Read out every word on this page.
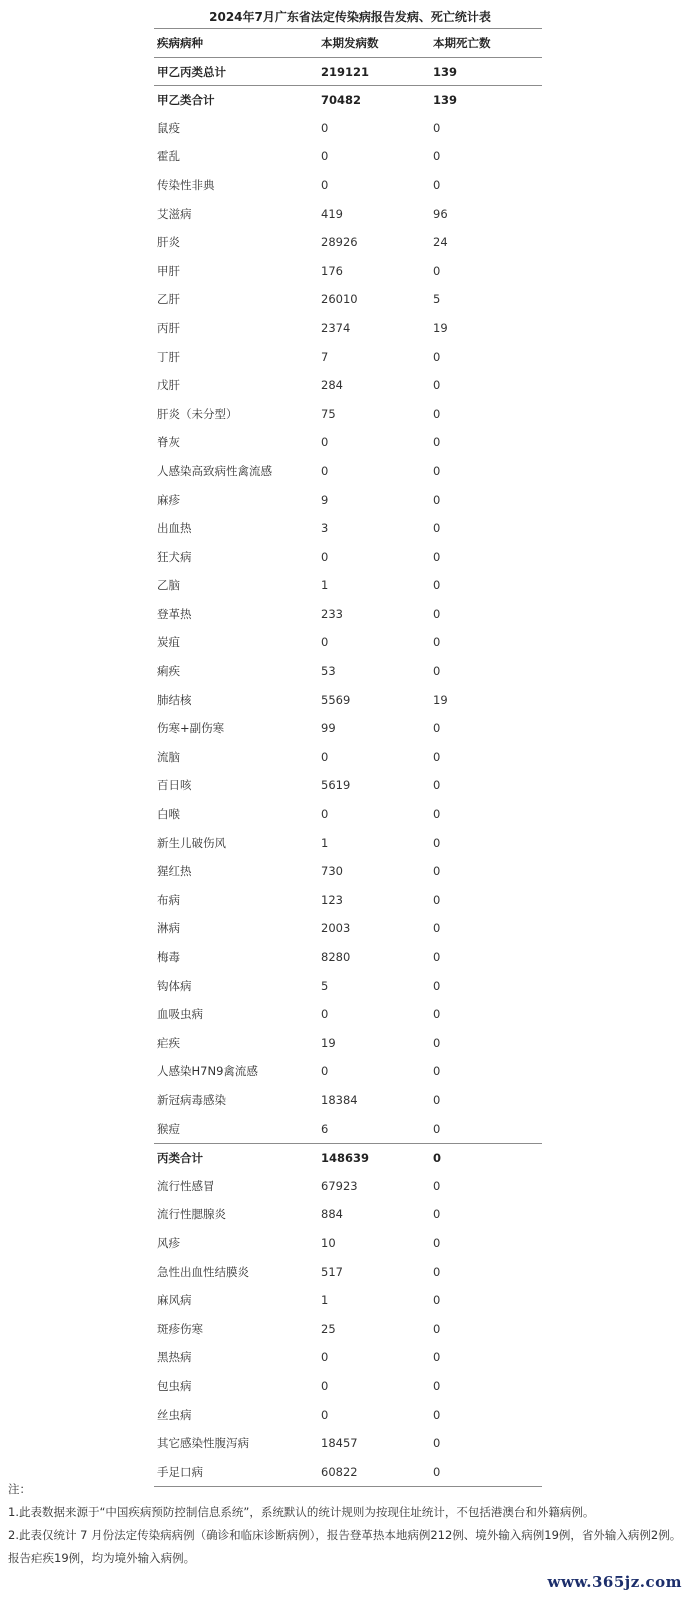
2024年7月广东省法定传染病报告发病、死亡统计表
疾病病种	本期发病数	本期死亡数
甲乙丙类总计	219121	139
甲乙类合计	70482	139
鼠疫	0	0
霍乱	0	0
传染性非典	0	0
艾滋病	419	96
肝炎	28926	24
甲肝	176	0
乙肝	26010	5
丙肝	2374	19
丁肝	7	0
戊肝	284	0
肝炎（未分型）	75	0
脊灰	0	0
人感染高致病性禽流感	0	0
麻疹	9	0
出血热	3	0
狂犬病	0	0
乙脑	1	0
登革热	233	0
炭疽	0	0
痢疾	53	0
肺结核	5569	19
伤寒+副伤寒	99	0
流脑	0	0
百日咳	5619	0
白喉	0	0
新生儿破伤风	1	0
猩红热	730	0
布病	123	0
淋病	2003	0
梅毒	8280	0
钩体病	5	0
血吸虫病	0	0
疟疾	19	0
人感染H7N9禽流感	0	0
新冠病毒感染	18384	0
猴痘	6	0
丙类合计	148639	0
流行性感冒	67923	0
流行性腮腺炎	884	0
风疹	10	0
急性出血性结膜炎	517	0
麻风病	1	0
斑疹伤寒	25	0
黑热病	0	0
包虫病	0	0
丝虫病	0	0
其它感染性腹泻病	18457	0
手足口病	60822	0
注：
1.此表数据来源于“中国疾病预防控制信息系统”，系统默认的统计规则为按现住址统计，不包括港澳台和外籍病例。
2.此表仅统计 7 月份法定传染病病例（确诊和临床诊断病例），报告登革热本地病例212例、境外输入病例19例，省外输入病例2例。报告疟疾19例，均为境外输入病例。
www.365jz.com
